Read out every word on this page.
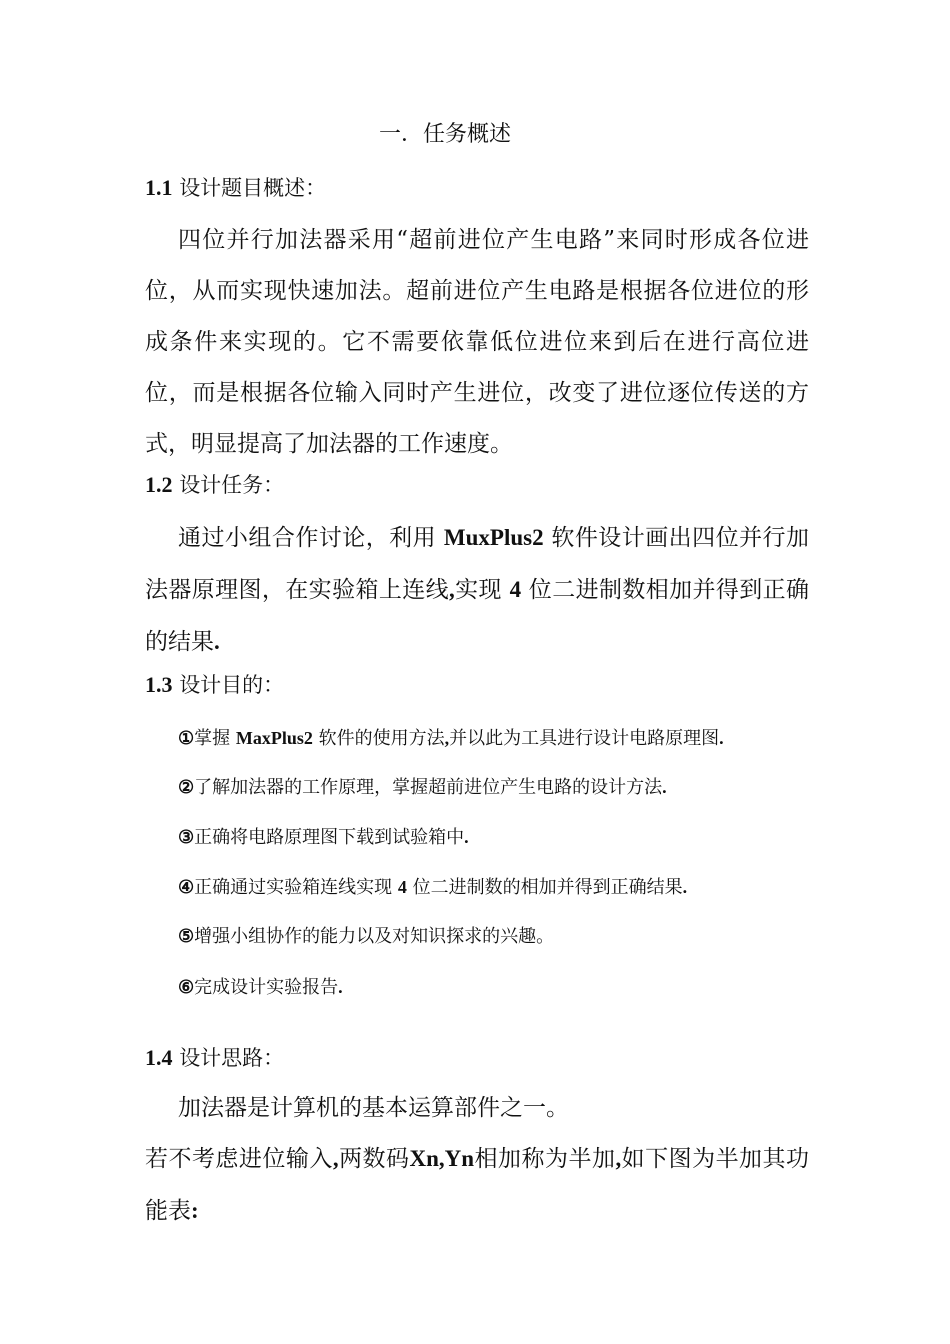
一．任务概述
1.1 设计题目概述：

四位并行加法器采用“超前进位产生电路”来同时形成各位进位，从而实现快速加法。超前进位产生电路是根据各位进位的形成条件来实现的。它不需要依靠低位进位来到后在进行高位进位，而是根据各位输入同时产生进位，改变了进位逐位传送的方式，明显提高了加法器的工作速度。

1.2 设计任务：

通过小组合作讨论，利用 MuxPlus2 软件设计画出四位并行加法器原理图，在实验箱上连线,实现 4 位二进制数相加并得到正确的结果.

1.3 设计目的：
①掌握 MaxPlus2 软件的使用方法,并以此为工具进行设计电路原理图.
②了解加法器的工作原理，掌握超前进位产生电路的设计方法.
③正确将电路原理图下载到试验箱中.
④正确通过实验箱连线实现 4 位二进制数的相加并得到正确结果.
⑤增强小组协作的能力以及对知识探求的兴趣。
⑥完成设计实验报告.
1.4 设计思路：

加法器是计算机的基本运算部件之一。

若不考虑进位输入,两数码Xn,Yn相加称为半加,如下图为半加其功能表:
